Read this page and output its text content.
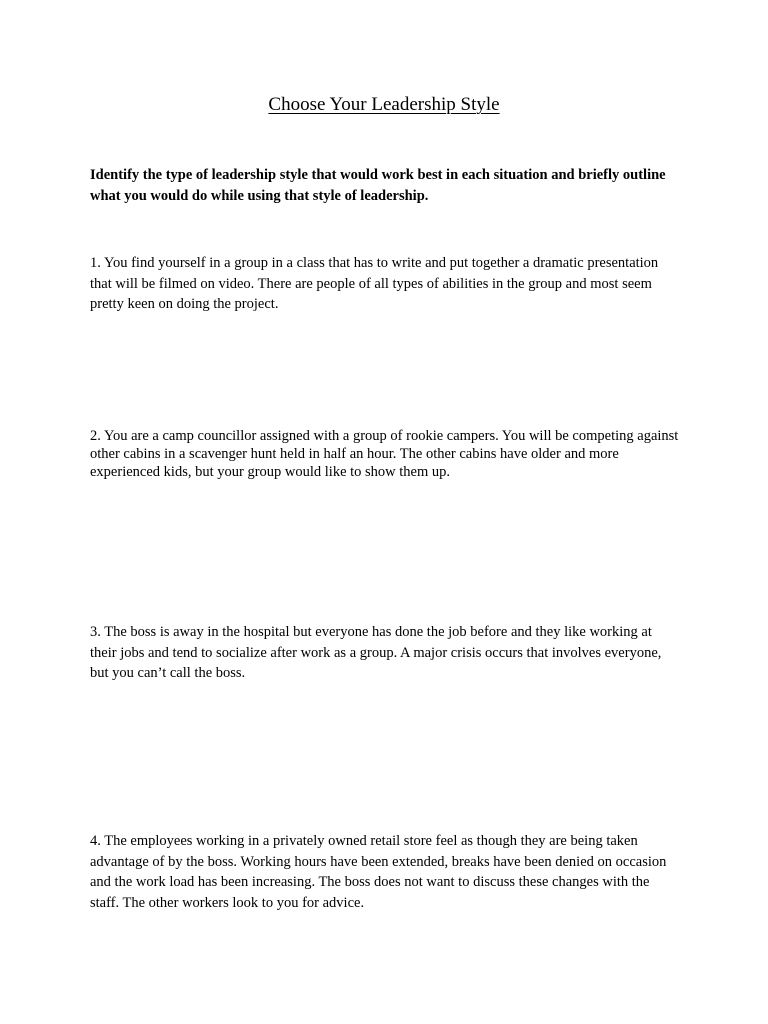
Choose Your Leadership Style
Identify the type of leadership style that would work best in each situation and briefly outline what you would do while using that style of leadership.

1. You find yourself in a group in a class that has to write and put together a dramatic presentation that will be filmed on video. There are people of all types of abilities in the group and most seem pretty keen on doing the project.

2. You are a camp councillor assigned with a group of rookie campers. You will be competing against other cabins in a scavenger hunt held in half an hour. The other cabins have older and more experienced kids, but your group would like to show them up.

3. The boss is away in the hospital but everyone has done the job before and they like working at their jobs and tend to socialize after work as a group. A major crisis occurs that involves everyone, but you can’t call the boss.

4. The employees working in a privately owned retail store feel as though they are being taken advantage of by the boss. Working hours have been extended, breaks have been denied on occasion and the work load has been increasing. The boss does not want to discuss these changes with the staff. The other workers look to you for advice.
